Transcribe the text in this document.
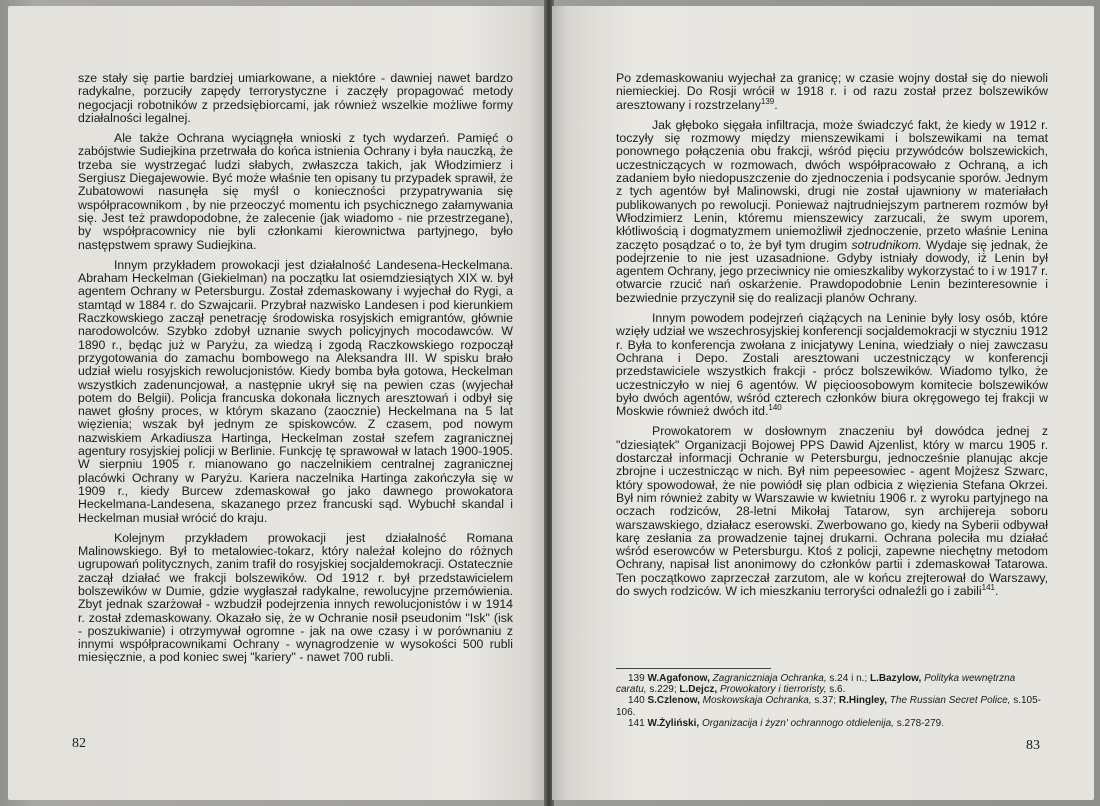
sze stały się partie bardziej umiarkowane, a niektóre - dawniej nawet bardzo radykalne, porzuciły zapędy terrorystyczne i zaczęły propagować metody negocjacji robotników z przedsiębiorcami, jak również wszelkie możliwe formy działalności legalnej.

Ale także Ochrana wyciągnęła wnioski z tych wydarzeń. Pamięć o zabójstwie Sudiejkina przetrwała do końca istnienia Ochrany i była nauczką, że trzeba sie wystrzegać ludzi słabych, zwłaszcza takich, jak Włodzimierz i Sergiusz Diegajewowie. Być może właśnie ten opisany tu przypadek sprawił, że Zubatowowi nasunęła się myśl o konieczności przypatrywania się współpracownikom , by nie przeoczyć momentu ich psychicznego załamywania się. Jest też prawdopodobne, że zalecenie (jak wiadomo - nie przestrzegane), by współpracownicy nie byli członkami kierownictwa partyjnego, było następstwem sprawy Sudiejkina.

Innym przykładem prowokacji jest działalność Landesena-Heckelmana. Abraham Heckelman (Giekielman) na początku lat osiemdziesiątych XIX w. był agentem Ochrany w Petersburgu. Został zdemaskowany i wyjechał do Rygi, a stamtąd w 1884 r. do Szwajcarii. Przybrał nazwisko Landesen i pod kierunkiem Raczkowskiego zaczął penetrację środowiska rosyjskich emigrantów, głównie narodowolców. Szybko zdobył uznanie swych policyjnych mocodawców. W 1890 r., będąc już w Paryżu, za wiedzą i zgodą Raczkowskiego rozpoczął przygotowania do zamachu bombowego na Aleksandra III. W spisku brało udział wielu rosyjskich rewolucjonistów. Kiedy bomba była gotowa, Heckelman wszystkich zadenuncjował, a następnie ukrył się na pewien czas (wyjechał potem do Belgii). Policja francuska dokonała licznych aresztowań i odbył się nawet głośny proces, w którym skazano (zaocznie) Heckelmana na 5 lat więzienia; wszak był jednym ze spiskowców. Z czasem, pod nowym nazwiskiem Arkadiusza Hartinga, Heckelman został szefem zagranicznej agentury rosyjskiej policji w Berlinie. Funkcję tę sprawował w latach 1900-1905. W sierpniu 1905 r. mianowano go naczelnikiem centralnej zagranicznej placówki Ochrany w Paryżu. Kariera naczelnika Hartinga zakończyła się w 1909 r., kiedy Burcew zdemaskował go jako dawnego prowokatora Heckelmana-Landesena, skazanego przez francuski sąd. Wybuchł skandal i Heckelman musiał wrócić do kraju.

Kolejnym przykładem prowokacji jest działalność Romana Malinowskiego. Był to metalowiec-tokarz, który należał kolejno do różnych ugrupowań politycznych, zanim trafił do rosyjskiej socjaldemokracji. Ostatecznie zaczął działać we frakcji bolszewików. Od 1912 r. był przedstawicielem bolszewików w Dumie, gdzie wygłaszał radykalne, rewolucyjne przemówienia. Zbyt jednak szarżował - wzbudził podejrzenia innych rewolucjonistów i w 1914 r. został zdemaskowany. Okazało się, że w Ochranie nosił pseudonim "Isk" (isk - poszukiwanie) i otrzymywał ogromne - jak na owe czasy i w porównaniu z innymi współpracownikami Ochrany - wynagrodzenie w wysokości 500 rubli miesięcznie, a pod koniec swej "kariery" - nawet 700 rubli.

82

Po zdemaskowaniu wyjechał za granicę; w czasie wojny dostał się do niewoli niemieckiej. Do Rosji wrócił w 1918 r. i od razu został przez bolszewików aresztowany i rozstrzelany$^{139}$.

Jak głęboko sięgała infiltracja, może świadczyć fakt, że kiedy w 1912 r. toczyły się rozmowy między mienszewikami i bolszewikami na temat ponownego połączenia obu frakcji, wśród pięciu przywódców bolszewickich, uczestniczących w rozmowach, dwóch współpracowało z Ochraną, a ich zadaniem było niedopuszczenie do zjednoczenia i podsycanie sporów. Jednym z tych agentów był Malinowski, drugi nie został ujawniony w materiałach publikowanych po rewolucji. Ponieważ najtrudniejszym partnerem rozmów był Włodzimierz Lenin, któremu mienszewicy zarzucali, że swym uporem, kłótliwością i dogmatyzmem uniemożliwił zjednoczenie, przeto właśnie Lenina zaczęto posądzać o to, że był tym drugim sotrudnikom. Wydaje się jednak, że podejrzenie to nie jest uzasadnione. Gdyby istniały dowody, iż Lenin był agentem Ochrany, jego przeciwnicy nie omieszkaliby wykorzystać to i w 1917 r. otwarcie rzucić nań oskarżenie. Prawdopodobnie Lenin bezinteresownie i bezwiednie przyczynił się do realizacji planów Ochrany.

Innym powodem podejrzeń ciążących na Leninie były losy osób, które wzięły udział we wszechrosyjskiej konferencji socjaldemokracji w styczniu 1912 r. Była to konferencja zwołana z inicjatywy Lenina, wiedziały o niej zawczasu Ochrana i Depo. Zostali aresztowani uczestniczący w konferencji przedstawiciele wszystkich frakcji - prócz bolszewików. Wiadomo tylko, że uczestniczyło w niej 6 agentów. W pięcioosobowym komitecie bolszewików było dwóch agentów, wśród czterech członków biura okręgowego tej frakcji w Moskwie również dwóch itd.$^{140}$

Prowokatorem w dosłownym znaczeniu był dowódca jednej z "dziesiątek" Organizacji Bojowej PPS Dawid Ajzenlist, który w marcu 1905 r. dostarczał informacji Ochranie w Petersburgu, jednocześnie planując akcje zbrojne i uczestnicząc w nich. Był nim pepeesowiec - agent Mojżesz Szwarc, który spowodował, że nie powiódł się plan odbicia z więzienia Stefana Okrzei. Był nim również zabity w Warszawie w kwietniu 1906 r. z wyroku partyjnego na oczach rodziców, 28-letni Mikołaj Tatarow, syn archijereja soboru warszawskiego, działacz eserowski. Zwerbowano go, kiedy na Syberii odbywał karę zesłania za prowadzenie tajnej drukarni. Ochrana poleciła mu działać wśród eserowców w Petersburgu. Ktoś z policji, zapewne niechętny metodom Ochrany, napisał list anonimowy do członków partii i zdemaskował Tatarowa. Ten początkowo zaprzeczał zarzutom, ale w końcu zrejterował do Warszawy, do swych rodziców. W ich mieszkaniu terroryści odnaleźli go i zabili$^{141}$.

139 W.Agafonow, Zagraniczniaja Ochranka, s.24 i n.; L.Bazylow, Polityka wewnętrzna caratu, s.229; L.Dejcz, Prowokatory i tierroristy, s.6.

140 S.Czlenow, Moskowskaja Ochranka, s.37; R.Hingley, The Russian Secret Police, s.105-106.

141 W.Żyliński, Organizacija i żyzn' ochrannogo otdielenija, s.278-279.

83
